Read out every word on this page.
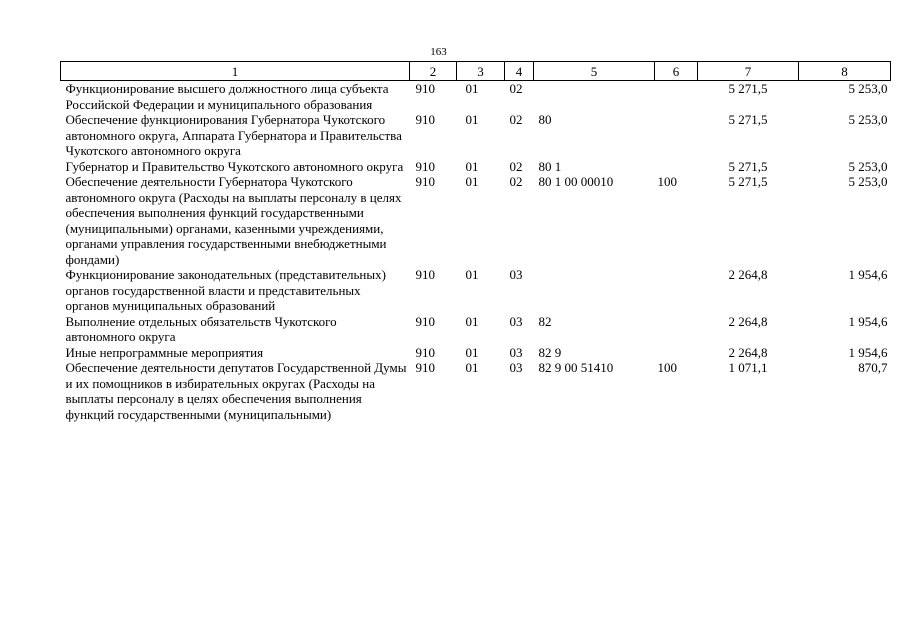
163
1	2	3	4	5	6	7	8
Функционирование высшего должностного лица субъекта Российской Федерации и муниципального образования	910	01	02			5 271,5	5 253,0
Обеспечение функционирования Губернатора Чукотского автономного округа, Аппарата Губернатора и Правительства Чукотского автономного округа	910	01	02	80		5 271,5	5 253,0
Губернатор и Правительство Чукотского автономного округа	910	01	02	80 1		5 271,5	5 253,0
Обеспечение деятельности Губернатора Чукотского автономного округа (Расходы на выплаты персоналу в целях обеспечения выполнения функций государственными (муниципальными) органами, казенными учреждениями, органами управления государственными внебюджетными фондами)	910	01	02	80 1 00 00010	100	5 271,5	5 253,0
Функционирование законодательных (представительных) органов государственной власти и представительных органов муниципальных образований	910	01	03			2 264,8	1 954,6
Выполнение отдельных обязательств Чукотского автономного округа	910	01	03	82		2 264,8	1 954,6
Иные непрограммные мероприятия	910	01	03	82 9		2 264,8	1 954,6
Обеспечение деятельности депутатов Государственной Думы и их помощников в избирательных округах (Расходы на выплаты персоналу в целях обеспечения выполнения функций государственными (муниципальными)	910	01	03	82 9 00 51410	100	1 071,1	870,7
